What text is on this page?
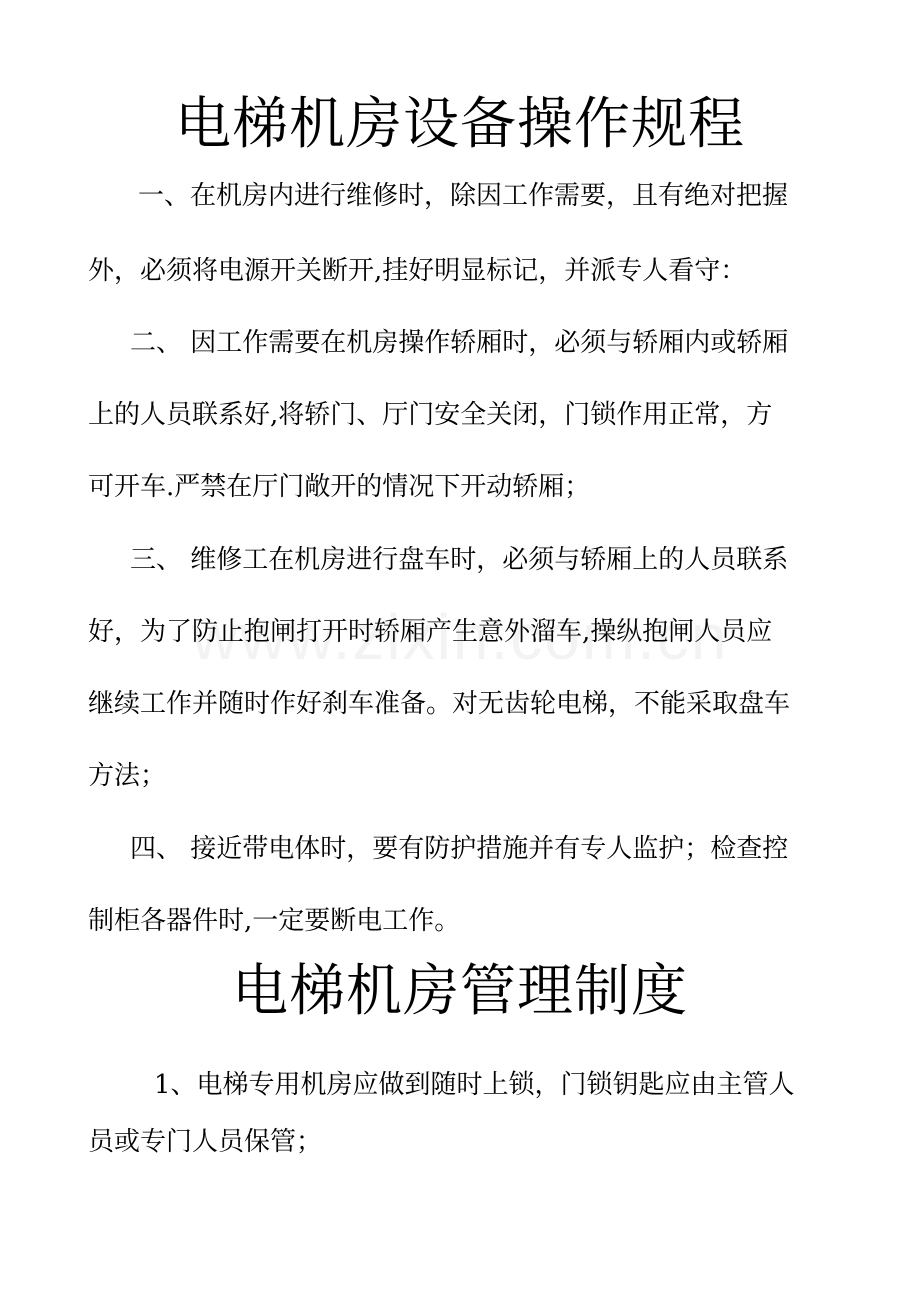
电梯机房设备操作规程

一、在机房内进行维修时，除因工作需要，且有绝对把握

外，必须将电源开关断开,挂好明显标记，并派专人看守：

二、 因工作需要在机房操作轿厢时，必须与轿厢内或轿厢

上的人员联系好,将轿门、厅门安全关闭，门锁作用正常，方

可开车.严禁在厅门敞开的情况下开动轿厢；

三、 维修工在机房进行盘车时，必须与轿厢上的人员联系

好，为了防止抱闸打开时轿厢产生意外溜车,操纵抱闸人员应

继续工作并随时作好刹车准备。对无齿轮电梯，不能采取盘车

方法；

四、 接近带电体时，要有防护措施并有专人监护；检查控

制柜各器件时,一定要断电工作。

电梯机房管理制度

1、电梯专用机房应做到随时上锁，门锁钥匙应由主管人

员或专门人员保管；
